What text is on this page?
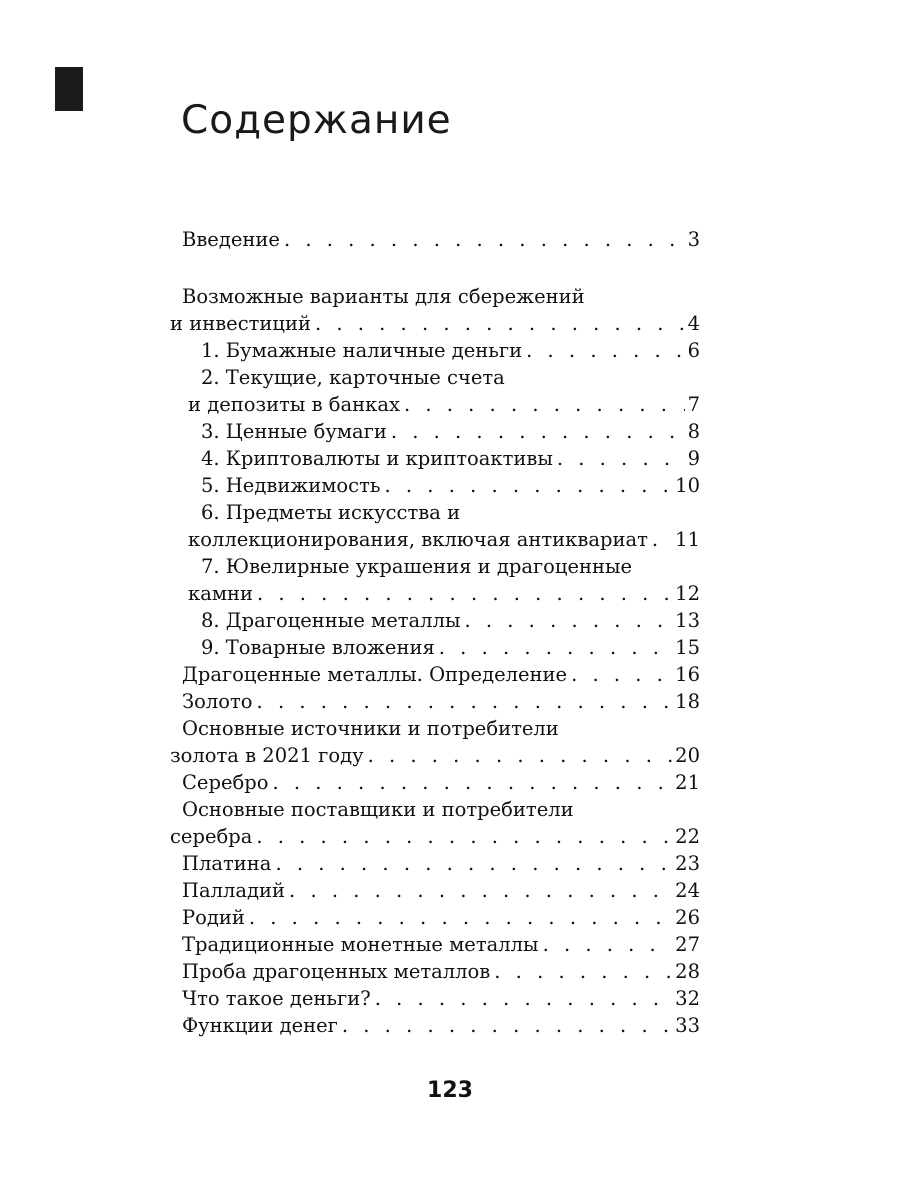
Содержание
Введение . . .	3
Возможные варианты для сбережений
и инвестиций . . .	4
1. Бумажные наличные деньги . . .	6
2. Текущие, карточные счета
и депозиты в банках . . .	7
3. Ценные бумаги . . .	8
4. Криптовалюты и криптоактивы . . .	9
5. Недвижимость . . .	10
6. Предметы искусства и
коллекционирования, включая антиквариат . . . 11
7. Ювелирные украшения и драгоценные
камни . . .	12
8. Драгоценные металлы . . .	13
9. Товарные вложения . . .	15
Драгоценные металлы. Определение . . .	16
Золото . . .	18
Основные источники и потребители
золота в 2021 году . . .	20
Серебро . . .	21
Основные поставщики и потребители
серебра . . .	22
Платина . . .	23
Палладий . . .	24
Родий . . .	26
Традиционные монетные металлы . . .	27
Проба драгоценных металлов . . .	28
Что такое деньги? . . .	32
Функции денег . . .	33
123
